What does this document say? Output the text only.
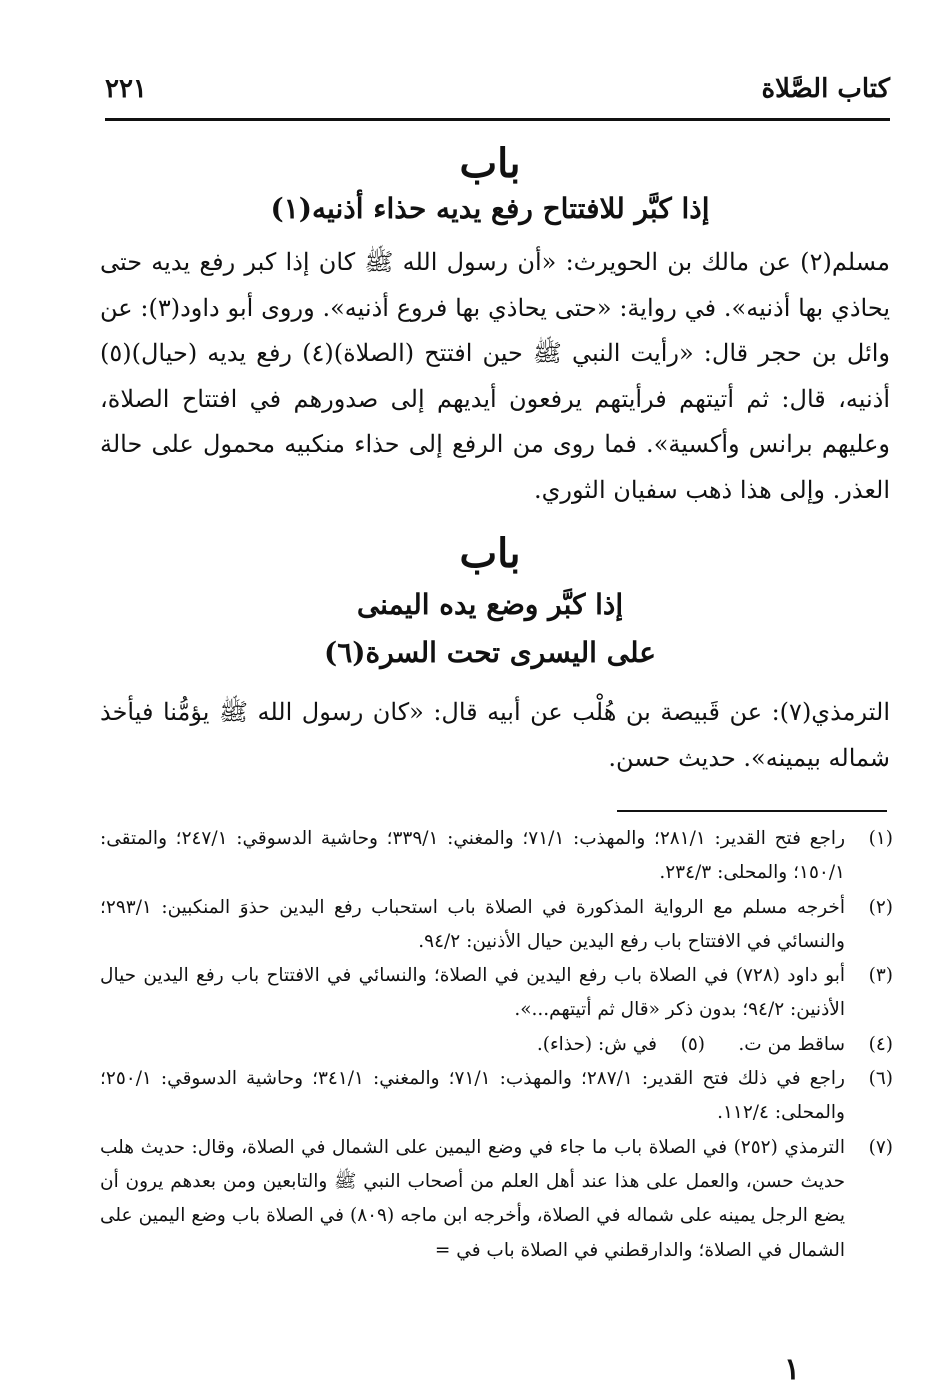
كتاب الصَّلاة
٢٢١
باب
إذا كبَّر للافتتاح رفع يديه حذاء أذنيه(١)

مسلم(٢) عن مالك بن الحويرث: «أن رسول الله ﷺ كان إذا كبر رفع يديه حتى يحاذي بها أذنيه». في رواية: «حتى يحاذي بها فروع أذنيه». وروى أبو داود(٣): عن وائل بن حجر قال: «رأيت النبي ﷺ حين افتتح (الصلاة)(٤) رفع يديه (حيال)(٥) أذنيه، قال: ثم أتيتهم فرأيتهم يرفعون أيديهم إلى صدورهم في افتتاح الصلاة، وعليهم برانس وأكسية». فما روى من الرفع إلى حذاء منكبيه محمول على حالة العذر. وإلى هذا ذهب سفيان الثوري.

باب
إذا كبَّر وضع يده اليمنى
على اليسرى تحت السرة(٦)

الترمذي(٧): عن قَبيصة بن هُلْب عن أبيه قال: «كان رسول الله ﷺ يؤمُّنا فيأخذ شماله بيمينه». حديث حسن.

(١)
راجع فتح القدير: ٢٨١/١؛ والمهذب: ٧١/١؛ والمغني: ٣٣٩/١؛ وحاشية الدسوقي: ٢٤٧/١؛ والمتقى: ١٥٠/١؛ والمحلى: ٢٣٤/٣.
(٢)
أخرجه مسلم مع الرواية المذكورة في الصلاة باب استحباب رفع اليدين حذوَ المنكبين: ٢٩٣/١؛ والنسائي في الافتتاح باب رفع اليدين حيال الأذنين: ٩٤/٢.
(٣)
أبو داود (٧٢٨) في الصلاة باب رفع اليدين في الصلاة؛ والنسائي في الافتتاح باب رفع اليدين حيال الأذنين: ٩٤/٢؛ بدون ذكر «قال ثم أتيتهم...».
(٤)
ساقط من ت.
(٥)
في ش: (حذاء).
(٦)
راجع في ذلك فتح القدير: ٢٨٧/١؛ والمهذب: ٧١/١؛ والمغني: ٣٤١/١؛ وحاشية الدسوقي: ٢٥٠/١؛ والمحلى: ١١٢/٤.
(٧)
الترمذي (٢٥٢) في الصلاة باب ما جاء في وضع اليمين على الشمال في الصلاة، وقال: حديث هلب حديث حسن، والعمل على هذا عند أهل العلم من أصحاب النبي ﷺ والتابعين ومن بعدهم يرون أن يضع الرجل يمينه على شماله في الصلاة، وأخرجه ابن ماجه (٨٠٩) في الصلاة باب وضع اليمين على الشمال في الصلاة؛ والدارقطني في الصلاة باب في =
١
